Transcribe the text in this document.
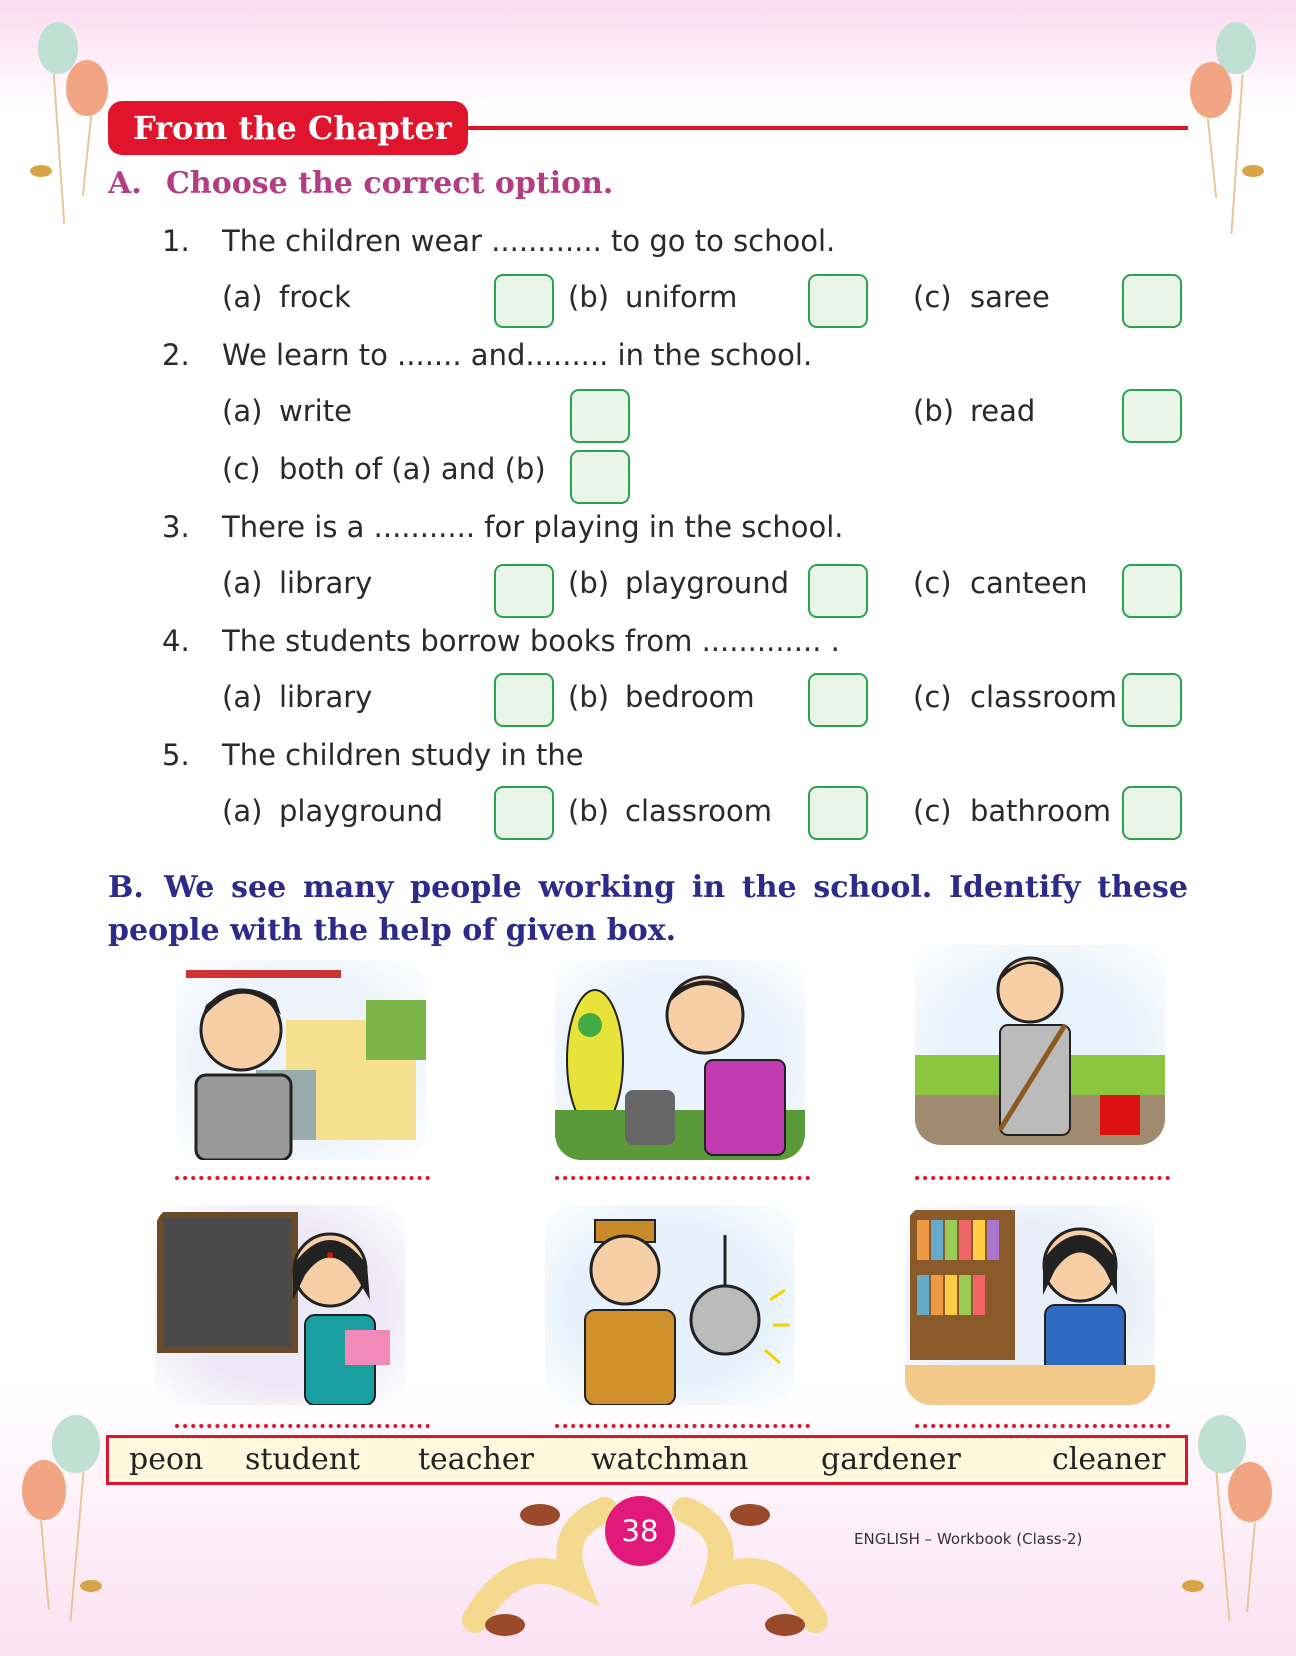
From the Chapter
A. Choose the correct option.
1. The children wear ............ to go to school.
(a) frock	(b) uniform	(c) saree
2. We learn to ....... and......... in the school.
(a) write	(b) read
(c) both of (a) and (b)
3. There is a ........... for playing in the school.
(a) library	(b) playground	(c) canteen
4. The students borrow books from ............. .
(a) library	(b) bedroom	(c) classroom
5. The children study in the
(a) playground	(b) classroom	(c) bathroom
B. We see many people working in the school. Identify these people with the help of given box.
peon student teacher watchman gardener	cleaner
38	ENGLISH – Workbook (Class-2)
